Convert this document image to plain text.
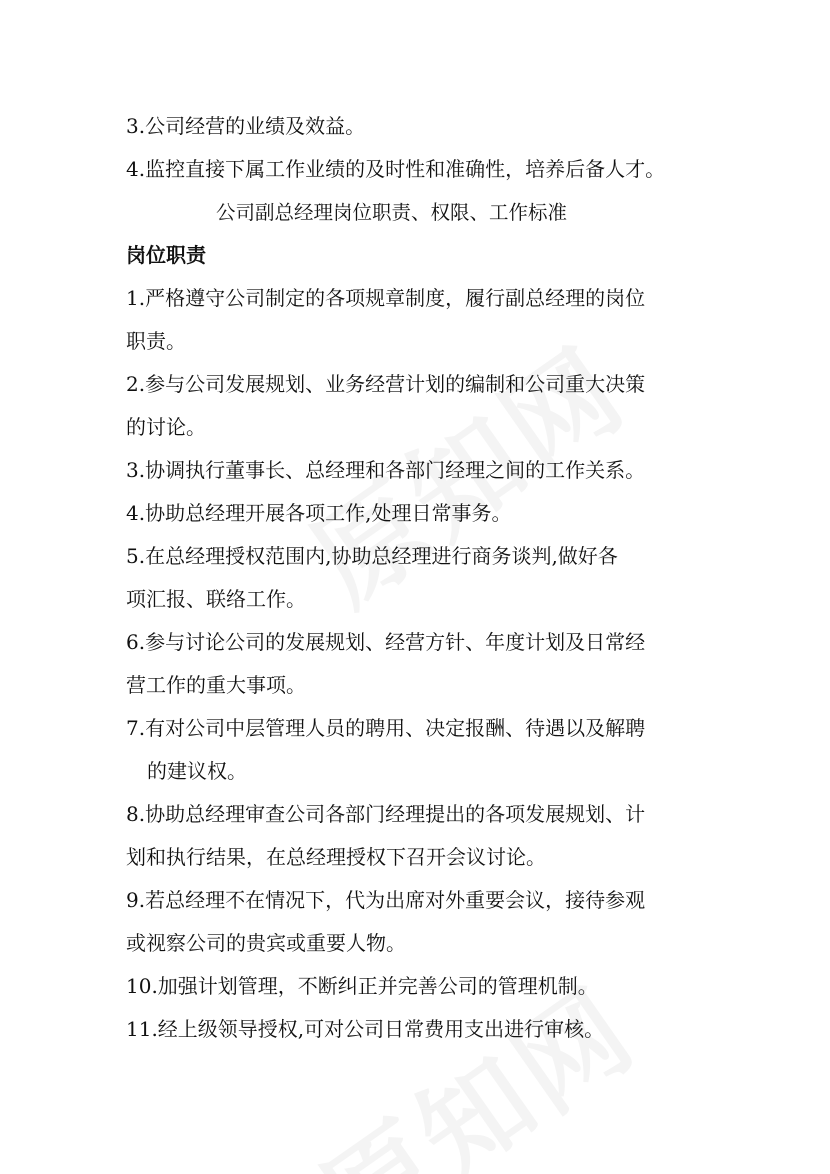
3.公司经营的业绩及效益。
4.监控直接下属工作业绩的及时性和准确性，培养后备人才。
公司副总经理岗位职责、权限、工作标准
岗位职责
1.严格遵守公司制定的各项规章制度，履行副总经理的岗位
职责。
2.参与公司发展规划、业务经营计划的编制和公司重大决策
的讨论。
3.协调执行董事长、总经理和各部门经理之间的工作关系。
4.协助总经理开展各项工作,处理日常事务。
5.在总经理授权范围内,协助总经理进行商务谈判,做好各
项汇报、联络工作。
6.参与讨论公司的发展规划、经营方针、年度计划及日常经
营工作的重大事项。
7.有对公司中层管理人员的聘用、决定报酬、待遇以及解聘
的建议权。
8.协助总经理审查公司各部门经理提出的各项发展规划、计
划和执行结果，在总经理授权下召开会议讨论。
9.若总经理不在情况下，代为出席对外重要会议，接待参观
或视察公司的贵宾或重要人物。
10.加强计划管理，不断纠正并完善公司的管理机制。
11.经上级领导授权,可对公司日常费用支出进行审核。
